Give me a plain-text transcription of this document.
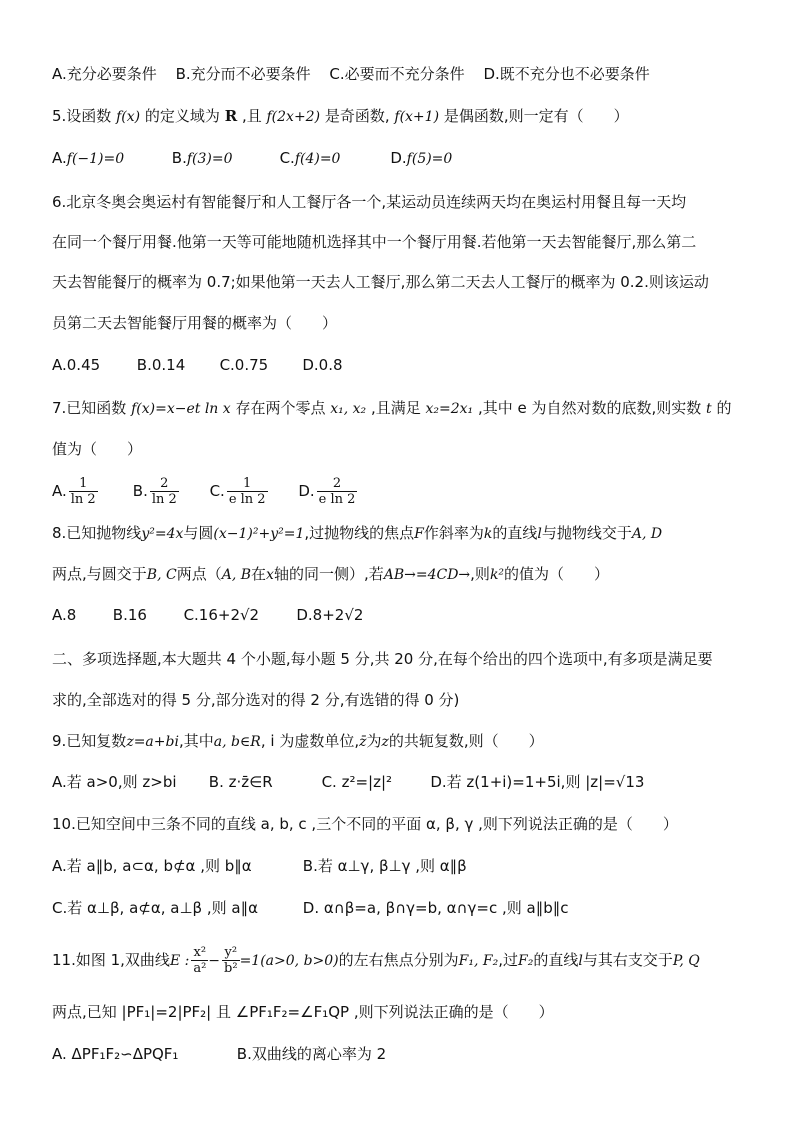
A.充分必要条件 B.充分而不必要条件 C.必要而不充分条件 D.既不充分也不必要条件
5.设函数 f(x) 的定义域为 R ,且 f(2x+2) 是奇函数, f(x+1) 是偶函数,则一定有（　　）
A.f(−1)=0	B.f(3)=0	C.f(4)=0	D.f(5)=0
6.北京冬奥会奥运村有智能餐厅和人工餐厅各一个,某运动员连续两天均在奥运村用餐且每一天均
在同一个餐厅用餐.他第一天等可能地随机选择其中一个餐厅用餐.若他第一天去智能餐厅,那么第二
天去智能餐厅的概率为 0.7;如果他第一天去人工餐厅,那么第二天去人工餐厅的概率为 0.2.则该运动
员第二天去智能餐厅用餐的概率为（　　）
A.0.45 B.0.14 C.0.75 D.0.8
7.已知函数 f(x)=x−et ln x 存在两个零点 x₁, x₂ ,且满足 x₂=2x₁ ,其中 e 为自然对数的底数,则实数 t 的
值为（　　）
A. $\frac{1}{\ln 2} B$. $\frac{2}{\ln 2} C$. $\frac{1}{\text{e ln 2}} D$. $\frac{2}{\text{e ln 2}}$
8.已知抛物线y²=4x与圆(x−1)²+y²=1,过抛物线的焦点F作斜率为k的直线l与抛物线交于A, D
两点,与圆交于B, C两点（A, B在x轴的同一侧）,若AB→=4CD→,则k²的值为（　　）
A.8 B.16 C.16+2√2 D.8+2√2
二、多项选择题,本大题共 4 个小题,每小题 5 分,共 20 分,在每个给出的四个选项中,有多项是满足要
求的,全部选对的得 5 分,部分选对的得 2 分,有选错的得 0 分)
9.已知复数z=a+bi,其中a, b∈R, i 为虚数单位,z̄为z的共轭复数,则（　　）
A.若 a>0,则 z>bi B. z·z̄∈R	C. z²=|z|²	D.若 z(1+i)=1+5i,则 |z|=√13
10.已知空间中三条不同的直线 a, b, c ,三个不同的平面 α, β, γ ,则下列说法正确的是（　　）
A.若 a∥b, a⊂α, b⊄α ,则 b∥α	B.若 α⊥γ, β⊥γ ,则 α∥β
C.若 α⊥β, a⊄α, a⊥β ,则 a∥α	D. α∩β=a, β∩γ=b, α∩γ=c ,则 a∥b∥c
11.如图 1,双曲线E : $\frac{\text{x²}}{\text{a²}} - \frac{\text{y²}}{\text{b²}} =1(a>0$, b>0)的左右焦点分别为F₁, F₂,过F₂的直线l与其右支交于P, Q
两点,已知 |PF₁|=2|PF₂| 且 ∠PF₁F₂=∠F₁QP ,则下列说法正确的是（　　）
A. ΔPF₁F₂∽ΔPQF₁	B.双曲线的离心率为 2
